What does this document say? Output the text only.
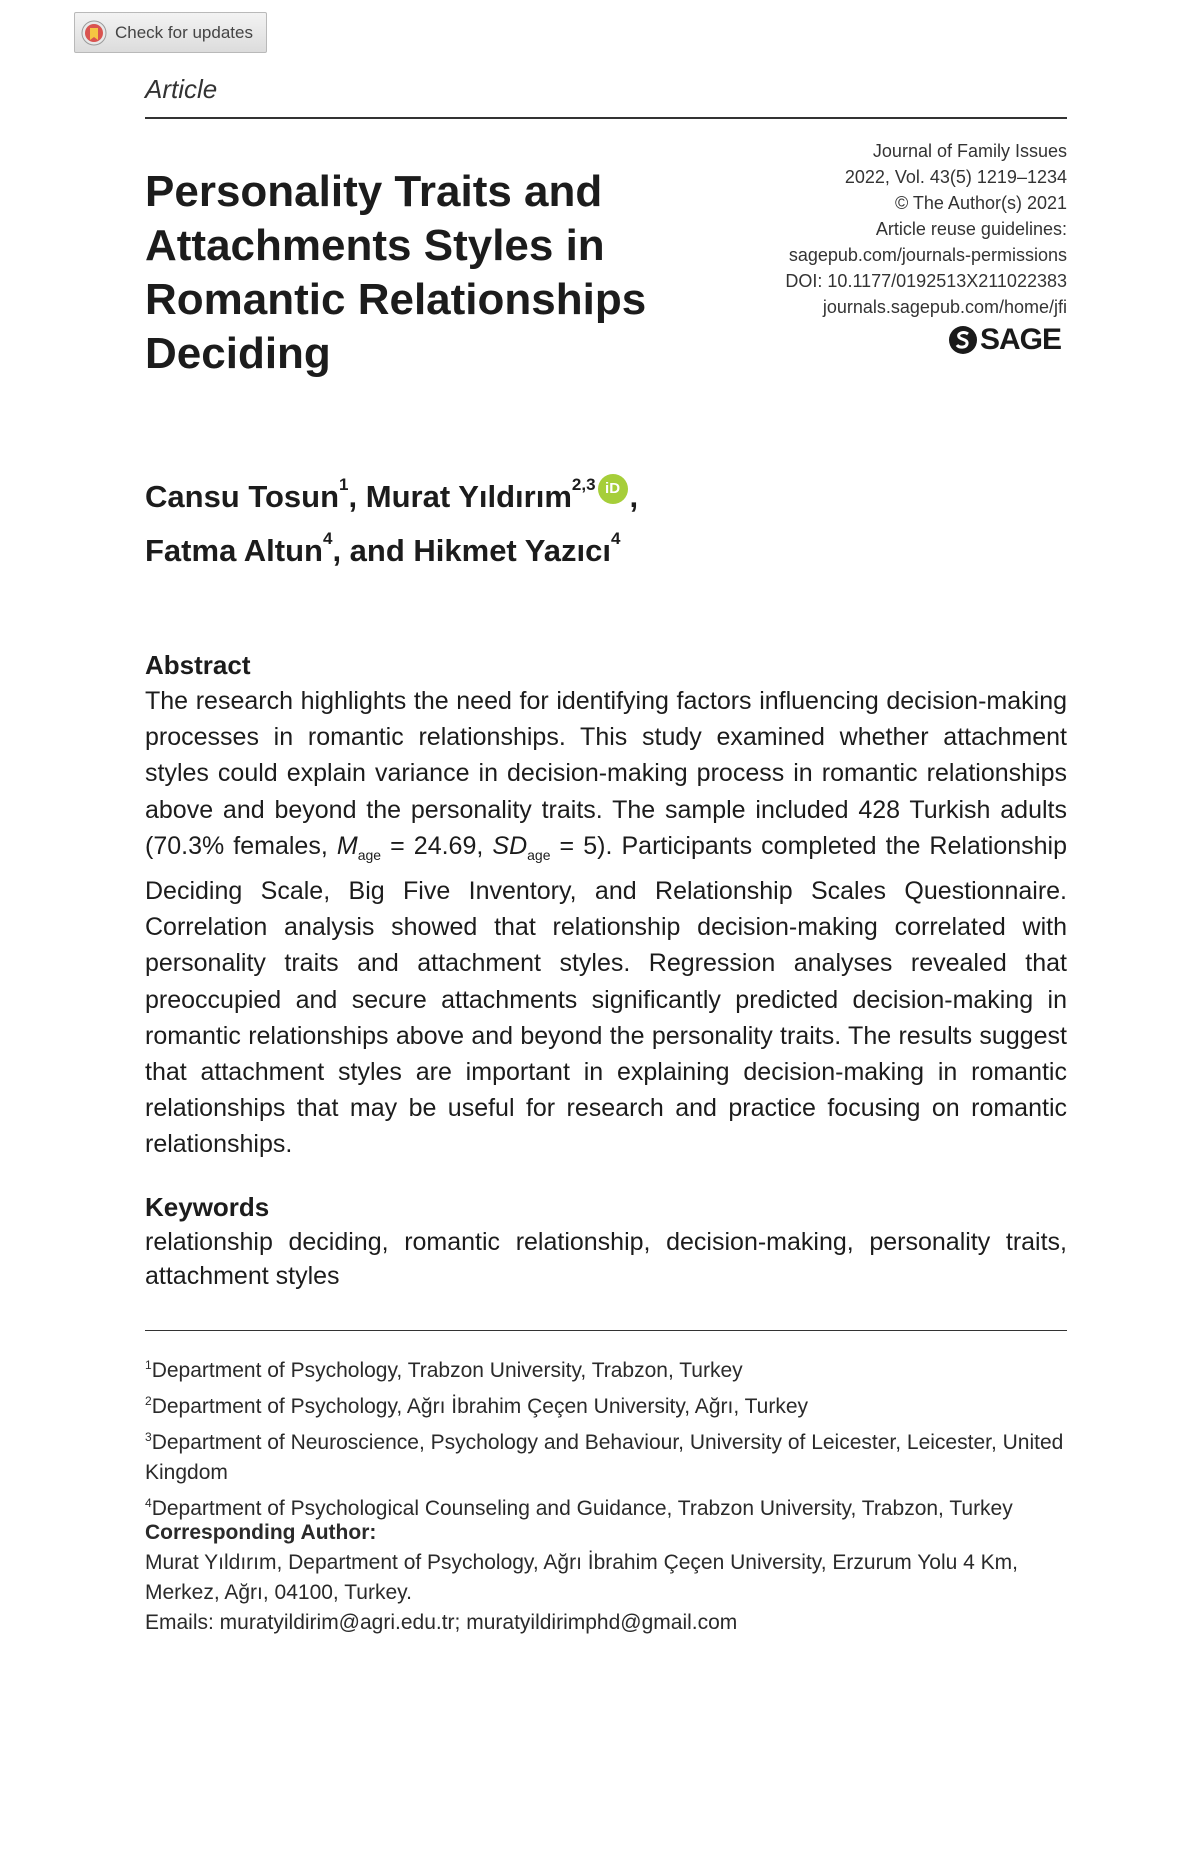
Check for updates
Article
Journal of Family Issues
2022, Vol. 43(5) 1219–1234
© The Author(s) 2021
Article reuse guidelines:
sagepub.com/journals-permissions
DOI: 10.1177/0192513X211022383
journals.sagepub.com/home/jfi
SAGE
Personality Traits and Attachments Styles in Romantic Relationships Deciding
Cansu Tosun$^1$ , Murat Yıldırım$^{2,3}$ iD ,
Fatma Altun$^4$ , and Hikmet Yazıcı$^4$
Abstract
The research highlights the need for identifying factors influencing decision-making processes in romantic relationships. This study examined whether attachment styles could explain variance in decision-making process in romantic relationships above and beyond the personality traits. The sample included 428 Turkish adults (70.3% females, $M_{age} = 24.69$, $SD_{age} = 5$). Participants completed the Relationship Deciding Scale, Big Five Inventory, and Relationship Scales Questionnaire. Correlation analysis showed that relationship decision-making correlated with personality traits and attachment styles. Regression analyses revealed that preoccupied and secure attachments significantly predicted decision-making in romantic relationships above and beyond the personality traits. The results suggest that attachment styles are important in explaining decision-making in romantic relationships that may be useful for research and practice focusing on romantic relationships.
Keywords
relationship deciding, romantic relationship, decision-making, personality traits, attachment styles
$^1$Department of Psychology, Trabzon University, Trabzon, Turkey
$^2$Department of Psychology, Ağrı İbrahim Çeçen University, Ağrı, Turkey
$^3$Department of Neuroscience, Psychology and Behaviour, University of Leicester, Leicester, United Kingdom
$^4$Department of Psychological Counseling and Guidance, Trabzon University, Trabzon, Turkey
Corresponding Author:
Murat Yıldırım, Department of Psychology, Ağrı İbrahim Çeçen University, Erzurum Yolu 4 Km, Merkez, Ağrı, 04100, Turkey.
Emails: muratyildirim@agri.edu.tr; muratyildirimphd@gmail.com
